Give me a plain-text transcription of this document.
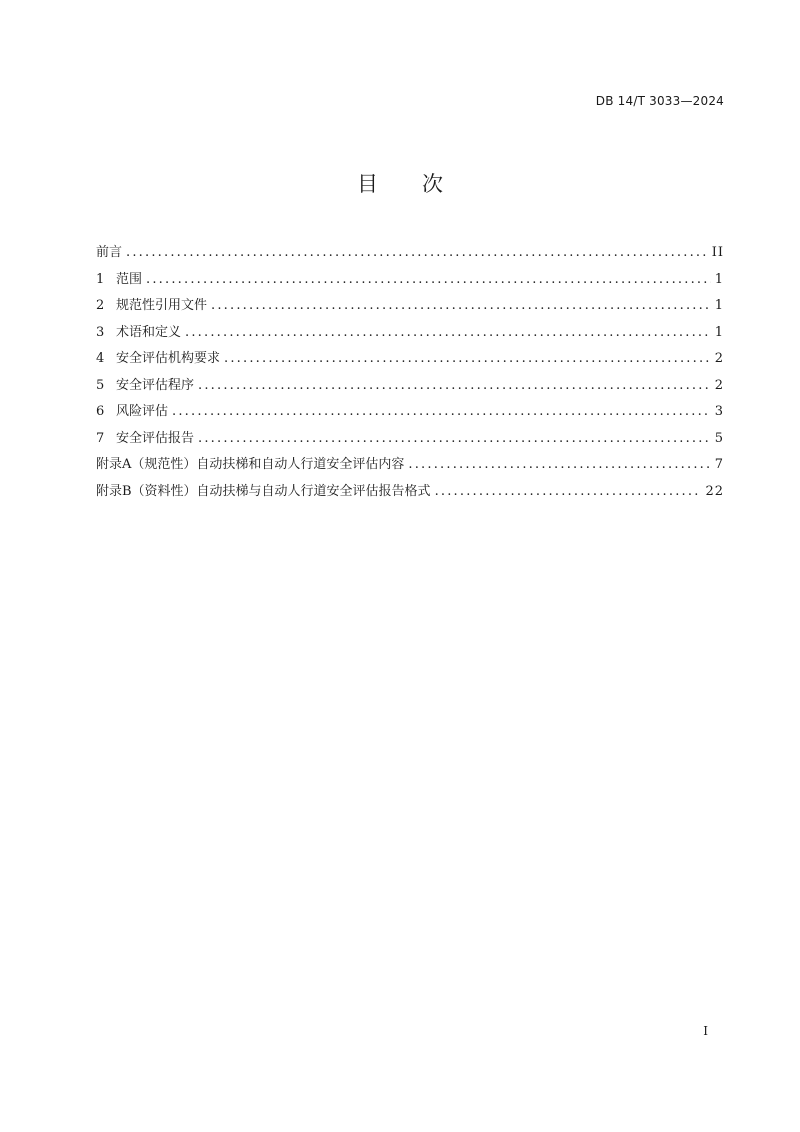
DB 14/T 3033—2024
目次
前言 .....	II
1 范围 .....	1
2 规范性引用文件 .....	1
3 术语和定义 .....	1
4 安全评估机构要求 .....	2
5 安全评估程序 .....	2
6 风险评估 .....	3
7 安全评估报告 .....	5
附录A（规范性）自动扶梯和自动人行道安全评估内容 .....	7
附录B（资料性）自动扶梯与自动人行道安全评估报告格式 .....	22
I
